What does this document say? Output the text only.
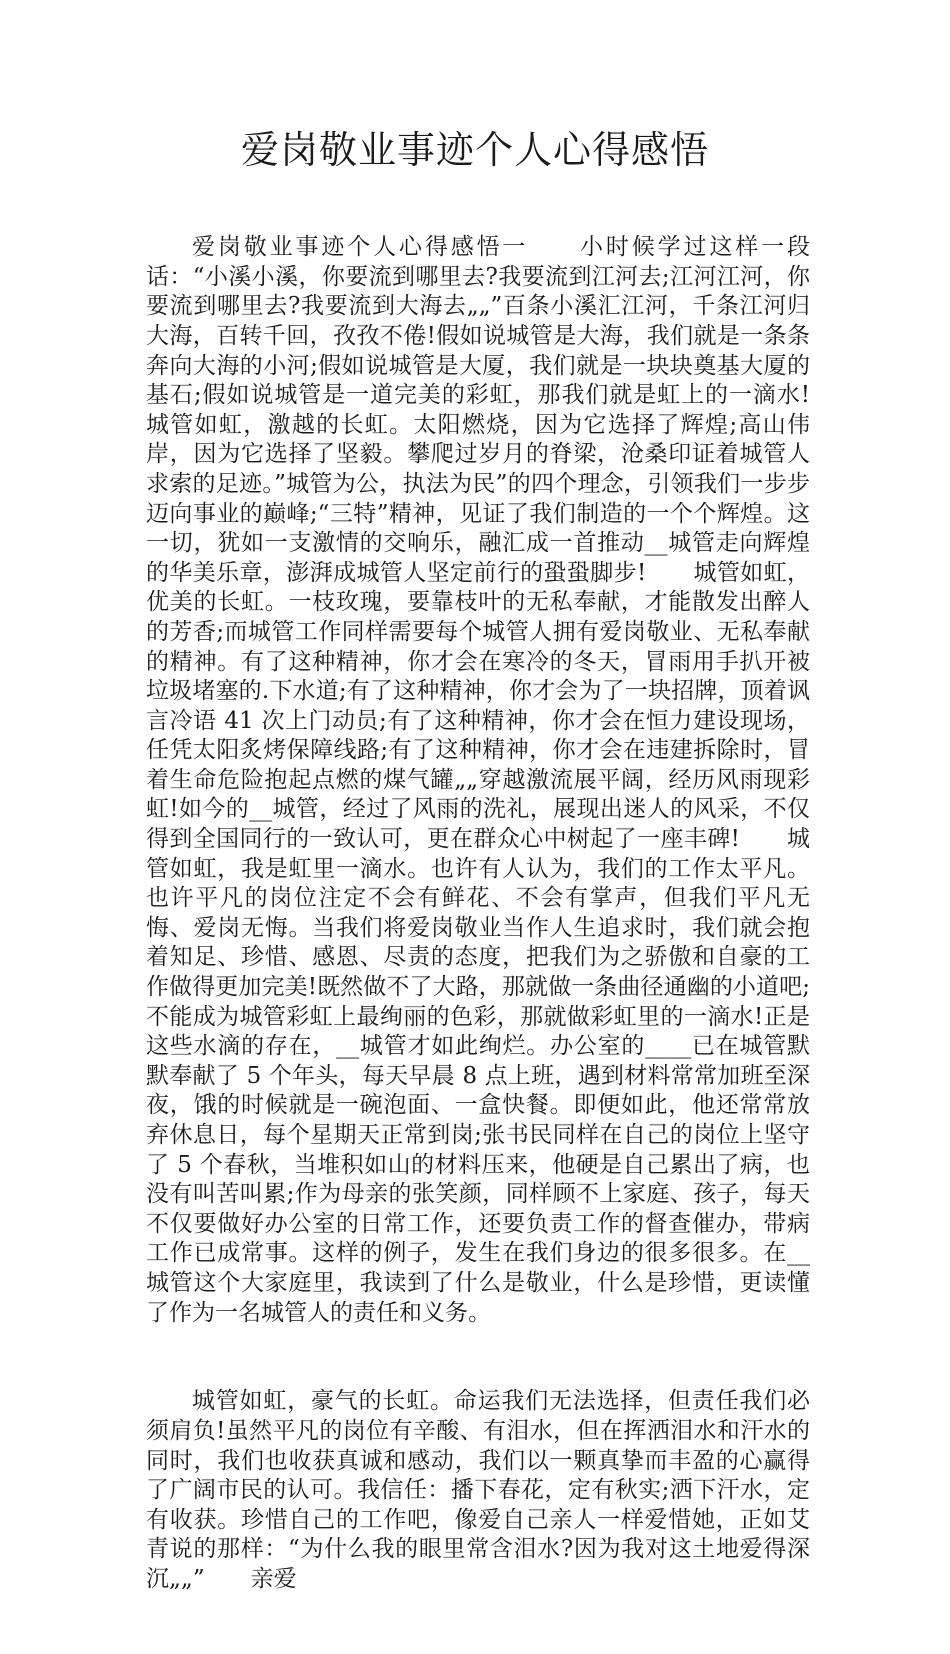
爱岗敬业事迹个人心得感悟

爱岗敬业事迹个人心得感悟一　　小时候学过这样一段话：“小溪小溪，你要流到哪里去?我要流到江河去;江河江河，你要流到哪里去?我要流到大海去„„”百条小溪汇江河，千条江河归大海，百转千回，孜孜不倦!假如说城管是大海，我们就是一条条奔向大海的小河;假如说城管是大厦，我们就是一块块奠基大厦的基石;假如说城管是一道完美的彩虹，那我们就是虹上的一滴水!　　城管如虹，激越的长虹。太阳燃烧，因为它选择了辉煌;高山伟岸，因为它选择了坚毅。攀爬过岁月的脊梁，沧桑印证着城管人求索的足迹。”城管为公，执法为民”的四个理念，引领我们一步步迈向事业的巅峰;“三特”精神，见证了我们制造的一个个辉煌。这一切，犹如一支激情的交响乐，融汇成一首推动__城管走向辉煌的华美乐章，澎湃成城管人坚定前行的蛩蛩脚步!　　城管如虹，优美的长虹。一枝玫瑰，要靠枝叶的无私奉献，才能散发出醉人的芳香;而城管工作同样需要每个城管人拥有爱岗敬业、无私奉献的精神。有了这种精神，你才会在寒冷的冬天，冒雨用手扒开被垃圾堵塞的.下水道;有了这种精神，你才会为了一块招牌，顶着讽言冷语 41 次上门动员;有了这种精神，你才会在恒力建设现场，任凭太阳炙烤保障线路;有了这种精神，你才会在违建拆除时，冒着生命危险抱起点燃的煤气罐„„穿越激流展平阔，经历风雨现彩虹!如今的__城管，经过了风雨的洗礼，展现出迷人的风采，不仅得到全国同行的一致认可，更在群众心中树起了一座丰碑!　　城管如虹，我是虹里一滴水。也许有人认为，我们的工作太平凡。也许平凡的岗位注定不会有鲜花、不会有掌声，但我们平凡无悔、爱岗无悔。当我们将爱岗敬业当作人生追求时，我们就会抱着知足、珍惜、感恩、尽责的态度，把我们为之骄傲和自豪的工作做得更加完美!既然做不了大路，那就做一条曲径通幽的小道吧;不能成为城管彩虹上最绚丽的色彩，那就做彩虹里的一滴水!正是这些水滴的存在，__城管才如此绚烂。办公室的____已在城管默默奉献了 5 个年头，每天早晨 8 点上班，遇到材料常常加班至深夜，饿的时候就是一碗泡面、一盒快餐。即便如此，他还常常放弃休息日，每个星期天正常到岗;张书民同样在自己的岗位上坚守了 5 个春秋，当堆积如山的材料压来，他硬是自己累出了病，也没有叫苦叫累;作为母亲的张笑颜，同样顾不上家庭、孩子，每天不仅要做好办公室的日常工作，还要负责工作的督查催办，带病工作已成常事。这样的例子，发生在我们身边的很多很多。在__城管这个大家庭里，我读到了什么是敬业，什么是珍惜，更读懂了作为一名城管人的责任和义务。

城管如虹，豪气的长虹。命运我们无法选择，但责任我们必须肩负!虽然平凡的岗位有辛酸、有泪水，但在挥洒泪水和汗水的同时，我们也收获真诚和感动，我们以一颗真挚而丰盈的心赢得了广阔市民的认可。我信任：播下春花，定有秋实;洒下汗水，定有收获。珍惜自己的工作吧，像爱自己亲人一样爱惜她，正如艾青说的那样：“为什么我的眼里常含泪水?因为我对这土地爱得深沉„„”　　亲爱
